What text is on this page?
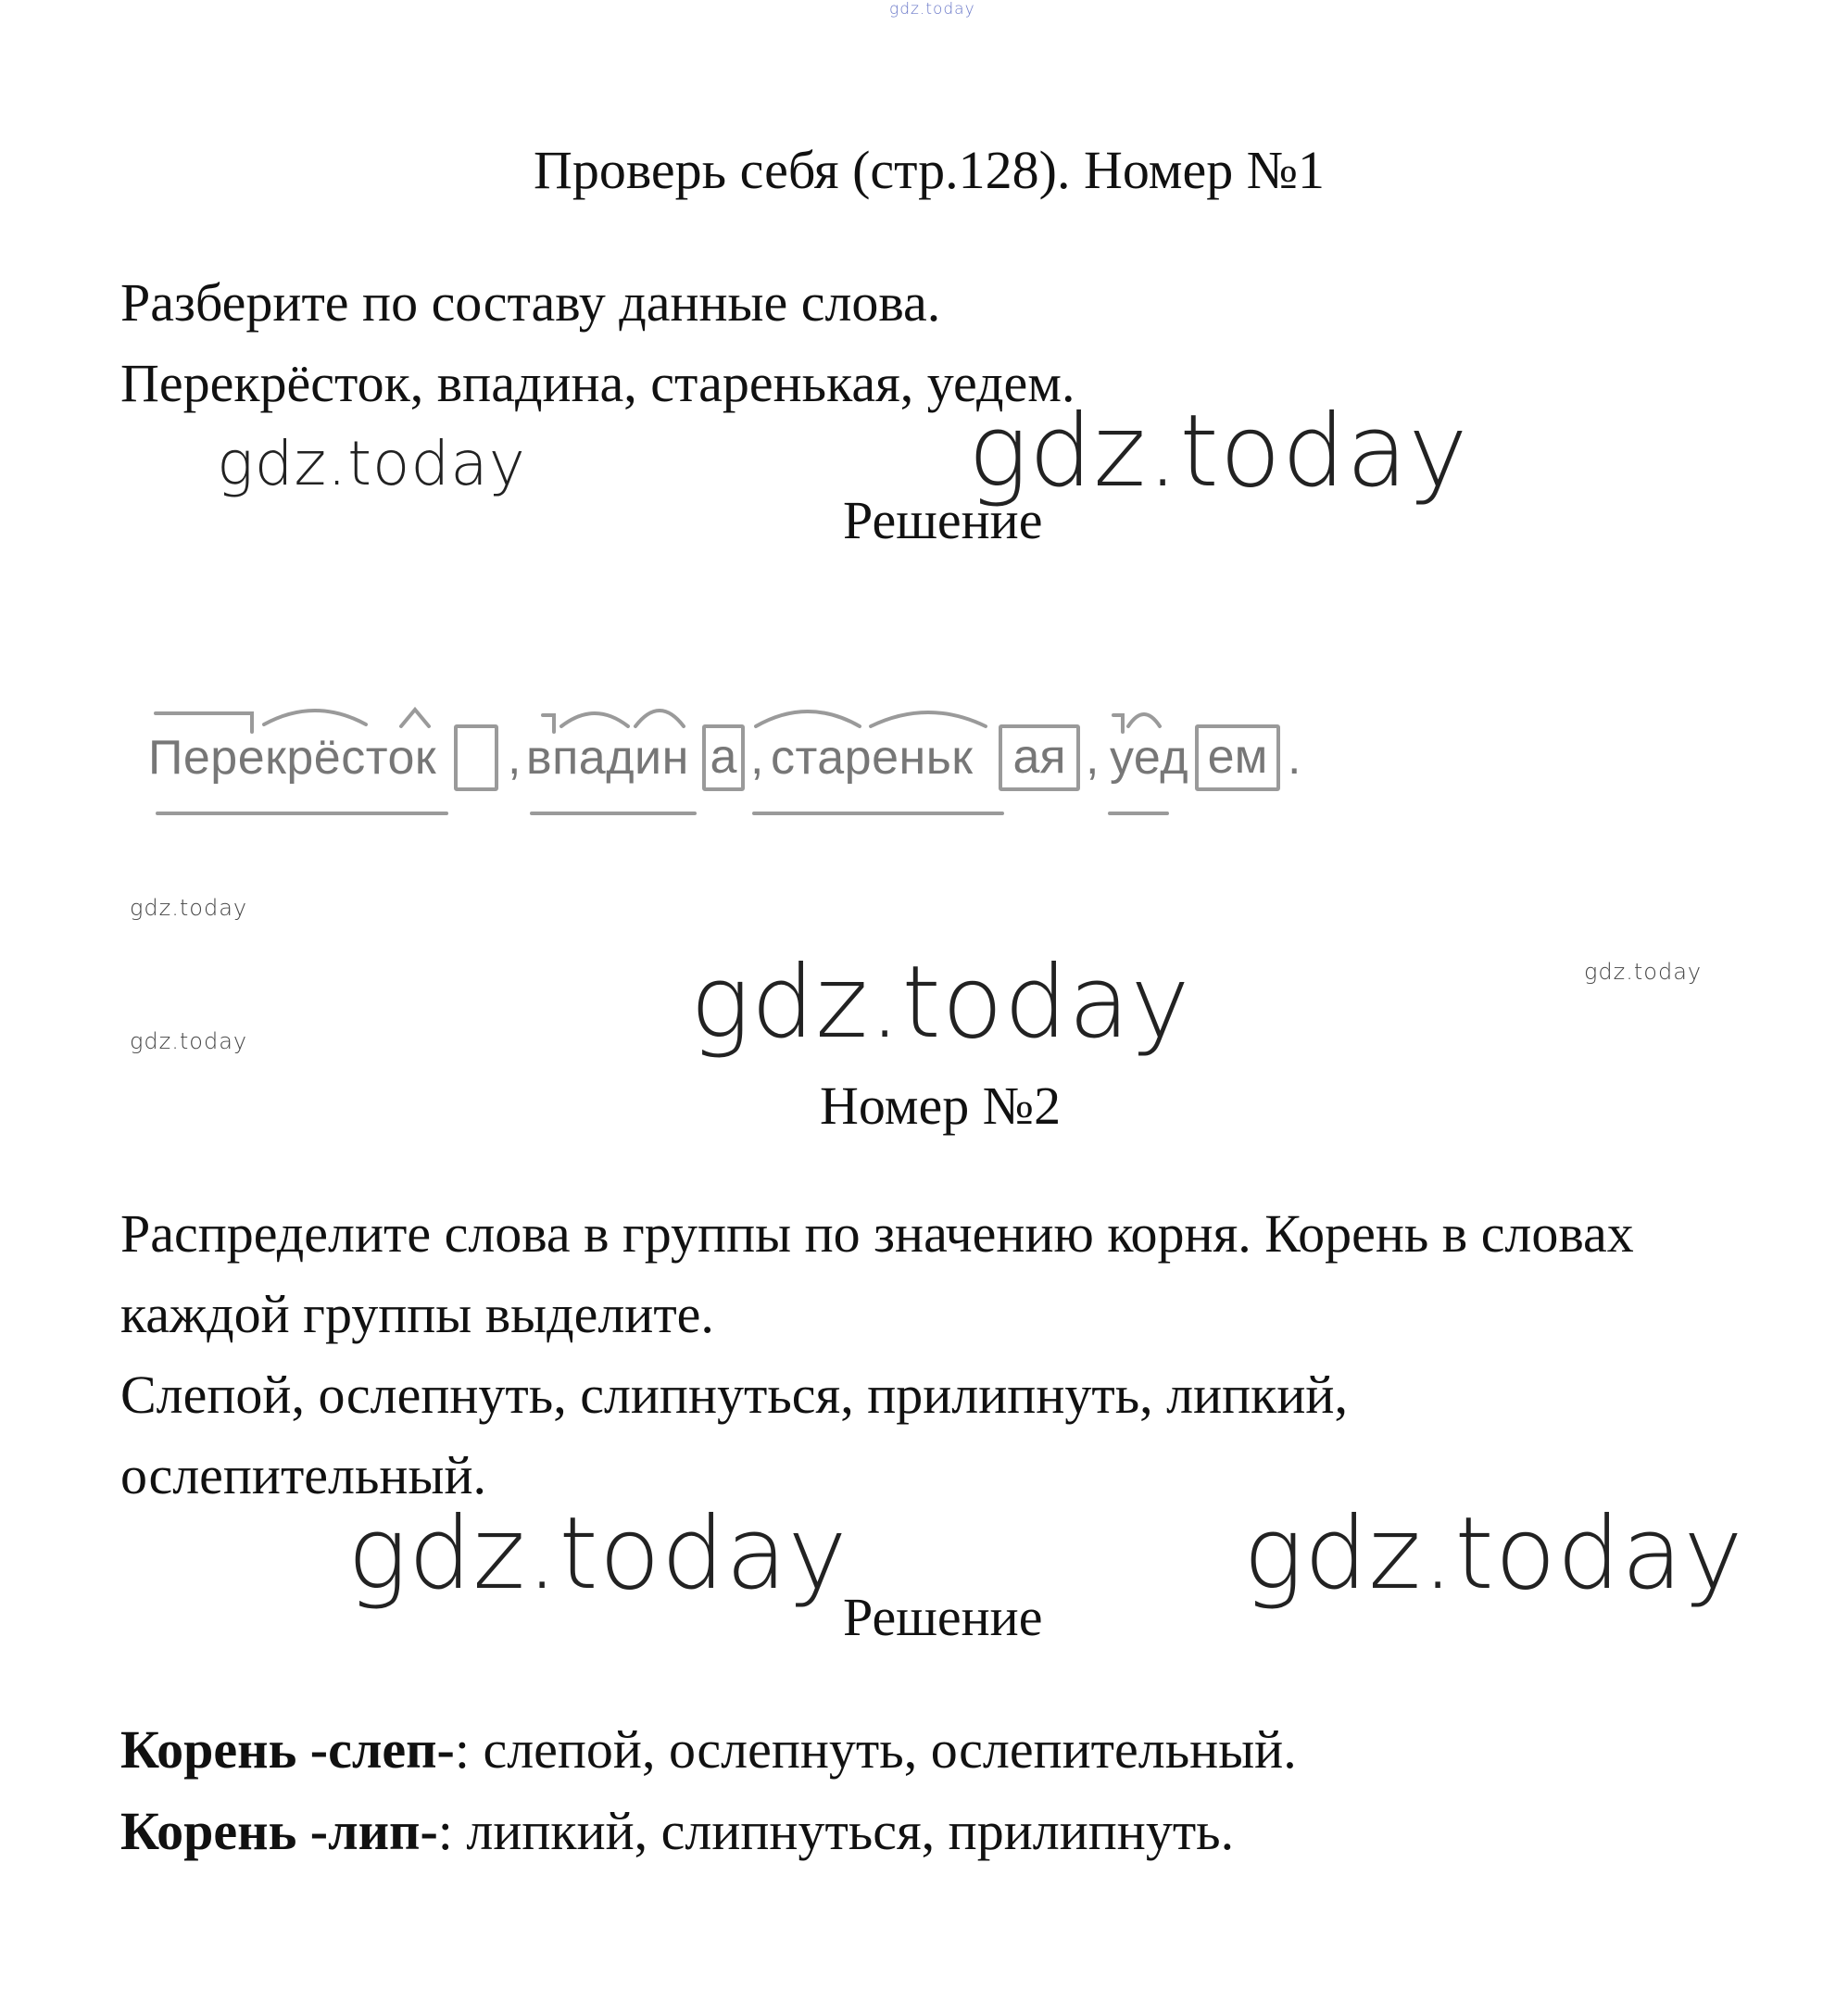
gdz.today
gdz.today	gdz.today
gdz.today
gdz.today
gdz.today	gdz.today
gdz.today	gdz.today
Проверь себя (стр.128). Номер №1
Разберите по составу данные слова.
Перекрёсток, впадина, старенькая, уедем.
Решение
Перекрёсток , впадин а , стареньк ая , уед ем .
Номер №2
Распределите слова в группы по значению корня. Корень в словах
каждой группы выделите.
Слепой, ослепнуть, слипнуться, прилипнуть, липкий,
ослепительный.
Решение
Корень -слеп-: слепой, ослепнуть, ослепительный.
Корень -лип-: липкий, слипнуться, прилипнуть.
